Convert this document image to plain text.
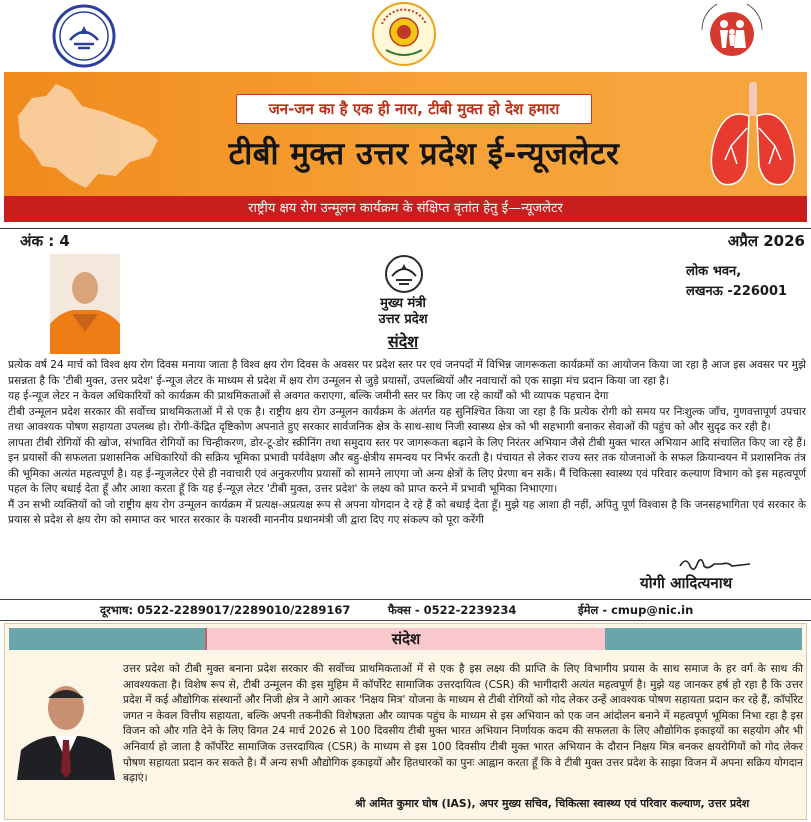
जन-जन का है एक ही नारा, टीबी मुक्त हो देश हमारा
टीबी मुक्त उत्तर प्रदेश ई-न्यूजलेटर
राष्ट्रीय क्षय रोग उन्मूलन कार्यक्रम के संक्षिप्त वृतांत हेतु ई—न्यूजलेटर
अंक : 4	अप्रैल 2026
मुख्य मंत्री
उत्तर प्रदेश
संदेश
लोक भवन,
लखनऊ -226001

प्रत्येक वर्ष 24 मार्च को विश्व क्षय रोग दिवस मनाया जाता है विश्व क्षय रोग दिवस के अवसर पर प्रदेश स्तर पर एवं जनपदों में विभिन्न जागरूकता कार्यक्रमों का आयोजन किया जा रहा है आज इस अवसर पर मुझे प्रसन्नता है कि 'टीबी मुक्त, उत्तर प्रदेश' ई-न्यूज लेटर के माध्यम से प्रदेश में क्षय रोग उन्मूलन से जुड़े प्रयासों, उपलब्धियों और नवाचारों को एक साझा मंच प्रदान किया जा रहा है।

यह ई-न्यूज लेटर न केवल अधिकारियों को कार्यक्रम की प्राथमिकताओं से अवगत कराएगा, बल्कि जमीनी स्तर पर किए जा रहे कार्यों को भी व्यापक पहचान देगा

टीबी उन्मूलन प्रदेश सरकार की सर्वोच्च प्राथमिकताओं में से एक है। राष्ट्रीय क्षय रोग उन्मूलन कार्यक्रम के अंतर्गत यह सुनिश्चित किया जा रहा है कि प्रत्येक रोगी को समय पर निःशुल्क जाँच, गुणवत्तापूर्ण उपचार तथा आवश्यक पोषण सहायता उपलब्ध हो। रोगी-केंद्रित दृष्टिकोण अपनाते हुए सरकार सार्वजनिक क्षेत्र के साथ-साथ निजी स्वास्थ्य क्षेत्र को भी सहभागी बनाकर सेवाओं की पहुंच को और सुदृढ कर रही है।

लापता टीबी रोगियों की खोज, संभावित रोगियों का चिन्हीकरण, डोर-टू-डोर स्क्रीनिंग तथा समुदाय स्तर पर जागरूकता बढ़ाने के लिए निरंतर अभियान जैसे टीबी मुक्त भारत अभियान आदि संचालित किए जा रहे हैं। इन प्रयासों की सफलता प्रशासनिक अधिकारियों की सक्रिय भूमिका प्रभावी पर्यवेक्षण और बहु-क्षेत्रीय समन्वय पर निर्भर करती है। पंचायत से लेकर राज्य स्तर तक योजनाओं के सफल क्रियान्वयन में प्रशासनिक तंत्र की भूमिका अत्यंत महत्वपूर्ण है। यह ई-न्यूजलेटर ऐसे ही नवाचारी एवं अनुकरणीय प्रयासों को सामने लाएगा जो अन्य क्षेत्रों के लिए प्रेरणा बन सकें। मैं चिकित्सा स्वास्थ्य एवं परिवार कल्याण विभाग को इस महत्वपूर्ण पहल के लिए बधाई देता हूँ और आशा करता हूँ कि यह ई-न्यूज़ लेटर 'टीबी मुक्त, उत्तर प्रदेश' के लक्ष्य को प्राप्त करने में प्रभावी भूमिका निभाएगा।

मैं उन सभी व्यक्तियों को जो राष्ट्रीय क्षय रोग उन्मूलन कार्यक्रम में प्रत्यक्ष-अप्रत्यक्ष रूप से अपना योगदान दे रहे हैं को बधाई देता हूँ। मुझे यह आशा ही नहीं, अपितु पूर्ण विश्वास है कि जनसहभागिता एवं सरकार के प्रयास से प्रदेश से क्षय रोग को समाप्त कर भारत सरकार के यशस्वी माननीय प्रधानमंत्री जी द्वारा दिए गए संकल्प को पूरा करेंगी

योगी आदित्यनाथ
दूरभाष: 0522-2289017/2289010/2289167	फैक्स - 0522-2239234	ईमेल - cmup@nic.in
संदेश
उत्तर प्रदेश को टीबी मुक्त बनाना प्रदेश सरकार की सर्वोच्च प्राथमिकताओं में से एक है इस लक्ष्य की प्राप्ति के लिए विभागीय प्रयास के साथ समाज के हर वर्ग के साथ की आवश्यकता है। विशेष रूप से, टीबी उन्मूलन की इस मुहिम में कॉर्पोरेट सामाजिक उत्तरदायित्व (CSR) की भागीदारी अत्यंत महत्वपूर्ण है। मुझे यह जानकर हर्ष हो रहा है कि उत्तर प्रदेश में कई औद्योगिक संस्थानों और निजी क्षेत्र ने आगे आकर 'निक्षय मित्र' योजना के माध्यम से टीबी रोगियों को गोद लेकर उन्हें आवश्यक पोषण सहायता प्रदान कर रहे हैं, कॉर्पोरेट जगत न केवल वित्तीय सहायता, बल्कि अपनी तकनीकी विशेषज्ञता और व्यापक पहुंच के माध्यम से इस अभियान को एक जन आंदोलन बनाने में महत्वपूर्ण भूमिका निभा रहा है इस विजन को और गति देने के लिए विगत 24 मार्च 2026 से 100 दिवसीय टीबी मुक्त भारत अभियान निर्णायक कदम की सफलता के लिए औद्योगिक इकाइयों का सहयोग और भी अनिवार्य हो जाता है कॉर्पोरेट सामाजिक उत्तरदायित्व (CSR) के माध्यम से इस 100 दिवसीय टीबी मुक्त भारत अभियान के दौरान निक्षय मित्र बनकर क्षयरोगियों को गोद लेकर पोषण सहायता प्रदान कर सकते है। मैं अन्य सभी औद्योगिक इकाइयों और हितधारकों का पुनः आह्वान करता हूँ कि वे टीबी मुक्त उत्तर प्रदेश के साझा विजन में अपना सक्रिय योगदान बढ़ाएं।
श्री अमित कुमार घोष (IAS), अपर मुख्य सचिव, चिकित्सा स्वास्थ्य एवं परिवार कल्याण, उत्तर प्रदेश
